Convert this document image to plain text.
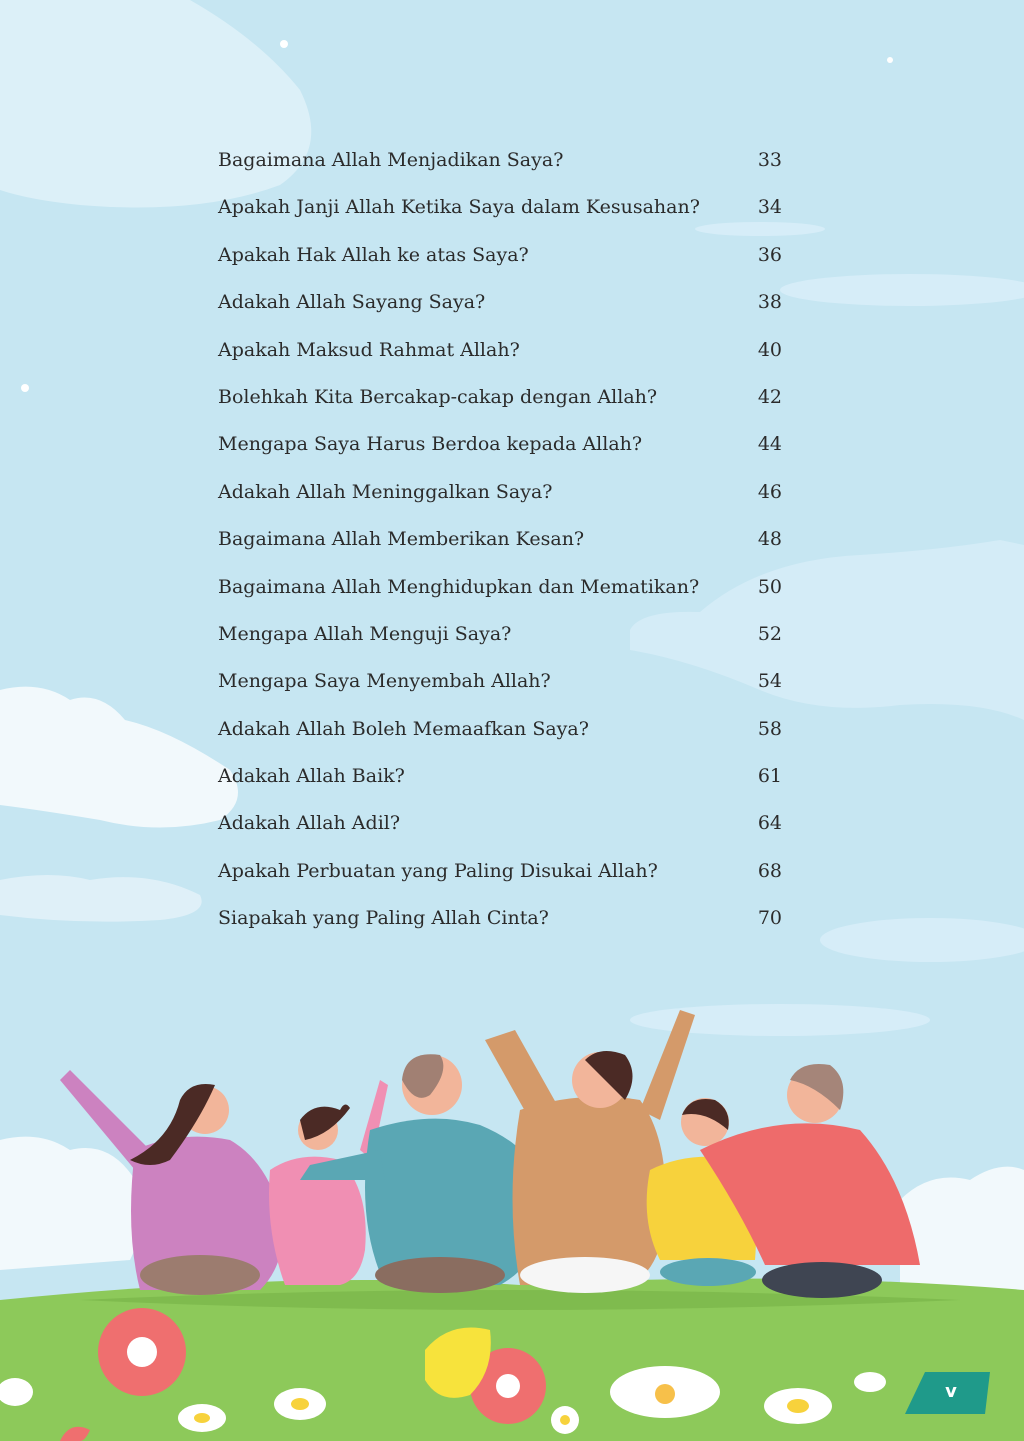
Bagaimana Allah Menjadikan Saya?	33
Apakah Janji Allah Ketika Saya dalam Kesusahan?	34
Apakah Hak Allah ke atas Saya?	36
Adakah Allah Sayang Saya?	38
Apakah Maksud Rahmat Allah?	40
Bolehkah Kita Bercakap-cakap dengan Allah?	42
Mengapa Saya Harus Berdoa kepada Allah?	44
Adakah Allah Meninggalkan Saya?	46
Bagaimana Allah Memberikan Kesan?	48
Bagaimana Allah Menghidupkan dan Mematikan?	50
Mengapa Allah Menguji Saya?	52
Mengapa Saya Menyembah Allah?	54
Adakah Allah Boleh Memaafkan Saya?	58
Adakah Allah Baik?	61
Adakah Allah Adil?	64
Apakah Perbuatan yang Paling Disukai Allah?	68
Siapakah yang Paling Allah Cinta?	70
v
